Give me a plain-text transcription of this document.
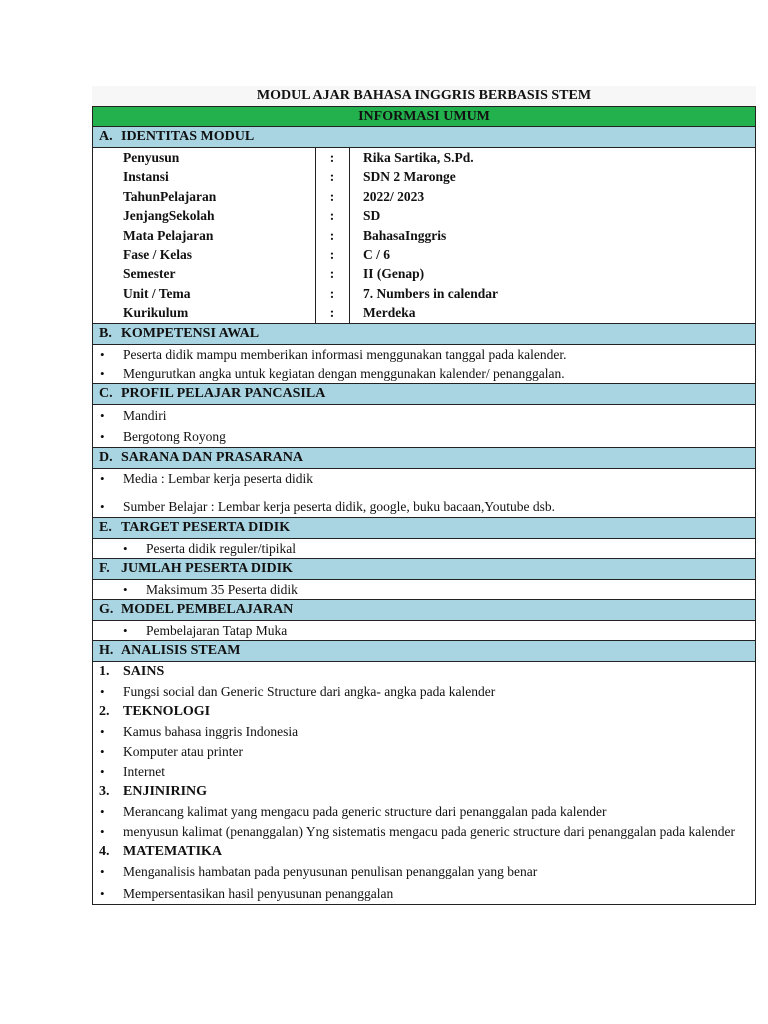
MODUL AJAR BAHASA INGGRIS BERBASIS STEM
INFORMASI UMUM
A. IDENTITAS MODUL

Penyusun	:	Rika Sartika, S.Pd.
Instansi	:	SDN 2 Maronge
TahunPelajaran	:	2022/ 2023
JenjangSekolah	:	SD
Mata Pelajaran	:	BahasaInggris
Fase / Kelas	:	C / 6
Semester	:	II (Genap)
Unit / Tema	:	7. Numbers in calendar
Kurikulum	:	Merdeka

B. KOMPETENSI AWAL

• Peserta didik mampu memberikan informasi menggunakan tanggal pada kalender.
• Mengurutkan angka untuk kegiatan dengan menggunakan kalender/ penanggalan.

C. PROFIL PELAJAR PANCASILA

• Mandiri
• Bergotong Royong

D. SARANA DAN PRASARANA

• Media : Lembar kerja peserta didik
• Sumber Belajar : Lembar kerja peserta didik, google, buku bacaan,Youtube dsb.

E. TARGET PESERTA DIDIK

• Peserta didik reguler/tipikal

F. JUMLAH PESERTA DIDIK

• Maksimum 35 Peserta didik

G. MODEL PEMBELAJARAN

• Pembelajaran Tatap Muka

H. ANALISIS STEAM

1. SAINS
• Fungsi social dan Generic Structure dari angka- angka pada kalender
2. TEKNOLOGI
• Kamus bahasa inggris Indonesia
• Komputer atau printer
• Internet
3. ENJINIRING
• Merancang kalimat yang mengacu pada generic structure dari penanggalan pada kalender
• menyusun kalimat (penanggalan) Yng sistematis mengacu pada generic structure dari penanggalan pada kalender
4. MATEMATIKA
• Menganalisis hambatan pada penyusunan penulisan penanggalan yang benar
• Mempersentasikan hasil penyusunan penanggalan
